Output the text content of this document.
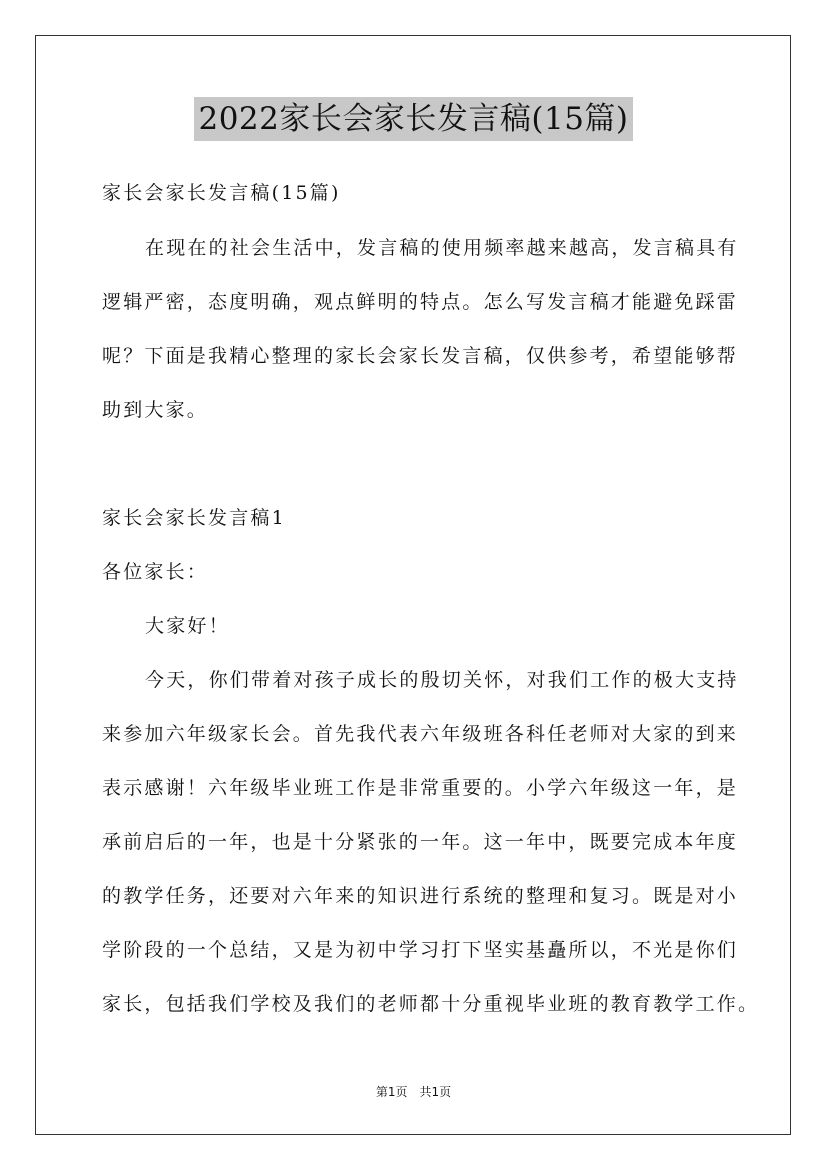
2022家长会家长发言稿(15篇)
家长会家长发言稿(15篇)
在现在的社会生活中，发言稿的使用频率越来越高，发言稿具有
逻辑严密，态度明确，观点鲜明的特点。怎么写发言稿才能避免踩雷
呢？下面是我精心整理的家长会家长发言稿，仅供参考，希望能够帮
助到大家。
家长会家长发言稿1
各位家长：
大家好！
今天，你们带着对孩子成长的殷切关怀，对我们工作的极大支持
来参加六年级家长会。首先我代表六年级班各科任老师对大家的到来
表示感谢！六年级毕业班工作是非常重要的。小学六年级这一年，是
承前启后的一年，也是十分紧张的一年。这一年中，既要完成本年度
的教学任务，还要对六年来的知识进行系统的整理和复习。既是对小
学阶段的一个总结，又是为初中学习打下坚实基矗所以，不光是你们
家长，包括我们学校及我们的老师都十分重视毕业班的教育教学工作。
第1页　共1页
